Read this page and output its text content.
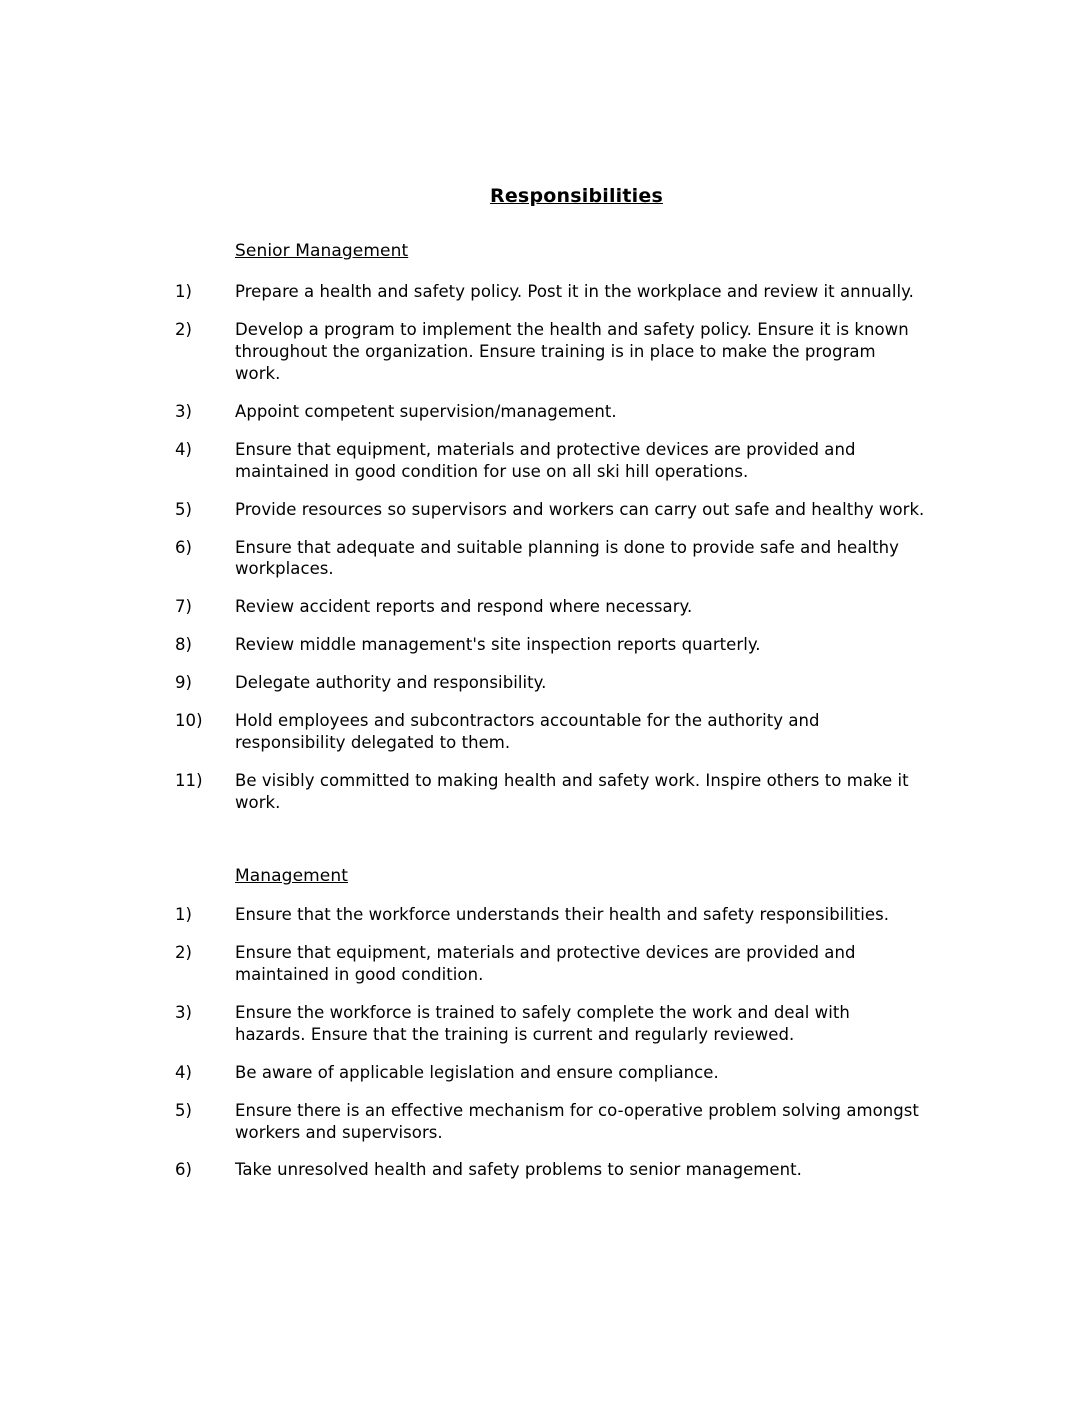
Responsibilities
Senior Management
1)	Prepare a health and safety policy. Post it in the workplace and review it annually.
2)	Develop a program to implement the health and safety policy. Ensure it is known throughout the organization. Ensure training is in place to make the program work.
3)	Appoint competent supervision/management.
4)	Ensure that equipment, materials and protective devices are provided and maintained in good condition for use on all ski hill operations.
5)	Provide resources so supervisors and workers can carry out safe and healthy work.
6)	Ensure that adequate and suitable planning is done to provide safe and healthy workplaces.
7)	Review accident reports and respond where necessary.
8)	Review middle management's site inspection reports quarterly.
9)	Delegate authority and responsibility.
10)	Hold employees and subcontractors accountable for the authority and responsibility delegated to them.
11)	Be visibly committed to making health and safety work. Inspire others to make it work.
Management
1)	Ensure that the workforce understands their health and safety responsibilities.
2)	Ensure that equipment, materials and protective devices are provided and maintained in good condition.
3)	Ensure the workforce is trained to safely complete the work and deal with hazards. Ensure that the training is current and regularly reviewed.
4)	Be aware of applicable legislation and ensure compliance.
5)	Ensure there is an effective mechanism for co-operative problem solving amongst workers and supervisors.
6)	Take unresolved health and safety problems to senior management.
